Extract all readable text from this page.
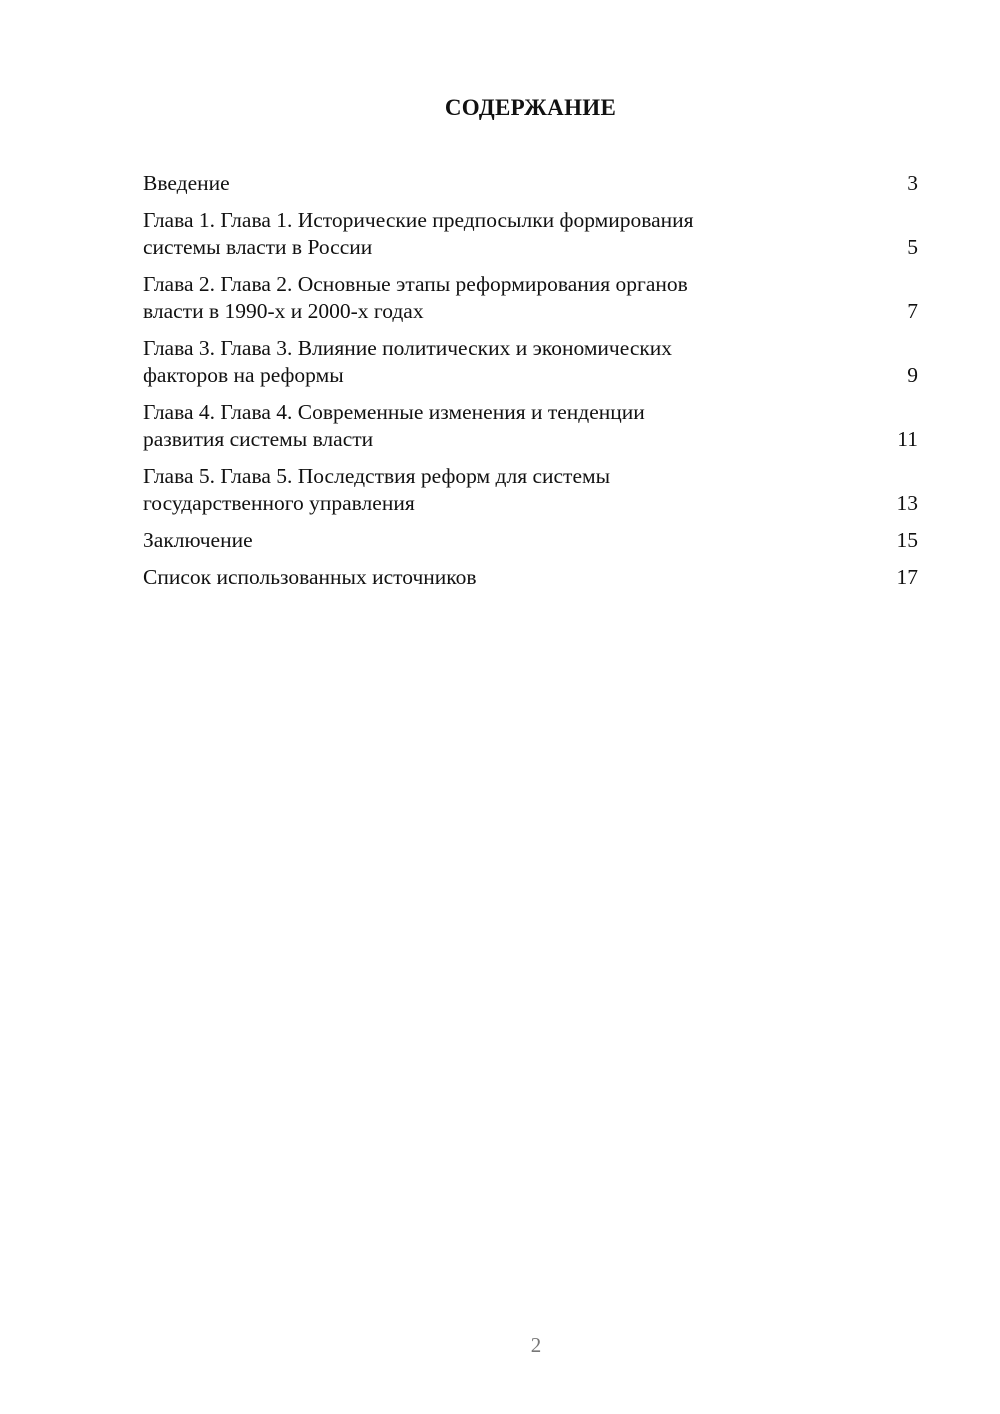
СОДЕРЖАНИЕ
Введение	3
Глава 1. Глава 1. Исторические предпосылки формирования
системы власти в России	5
Глава 2. Глава 2. Основные этапы реформирования органов
власти в 1990-х и 2000-х годах	7
Глава 3. Глава 3. Влияние политических и экономических
факторов на реформы	9
Глава 4. Глава 4. Современные изменения и тенденции
развития системы власти	11
Глава 5. Глава 5. Последствия реформ для системы
государственного управления	13
Заключение	15
Список использованных источников	17
2
